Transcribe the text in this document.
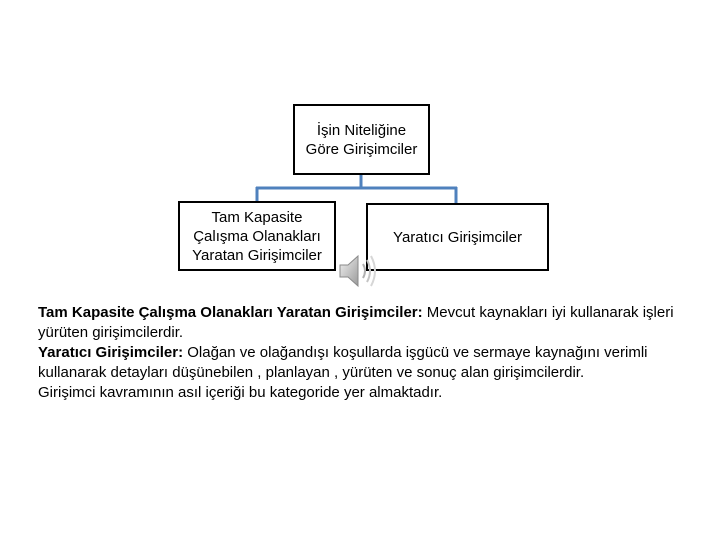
İşin Niteliğine
Göre Girişimciler
Tam Kapasite
Çalışma Olanakları
Yaratan Girişimciler
Yaratıcı Girişimciler

Tam Kapasite Çalışma Olanakları Yaratan Girişimciler: Mevcut kaynakları iyi kullanarak işleri yürüten girişimcilerdir.

Yaratıcı Girişimciler: Olağan ve olağandışı koşullarda işgücü ve sermaye kaynağını verimli kullanarak detayları düşünebilen , planlayan , yürüten ve sonuç alan girişimcilerdir.

Girişimci kavramının asıl içeriği bu kategoride yer almaktadır.
